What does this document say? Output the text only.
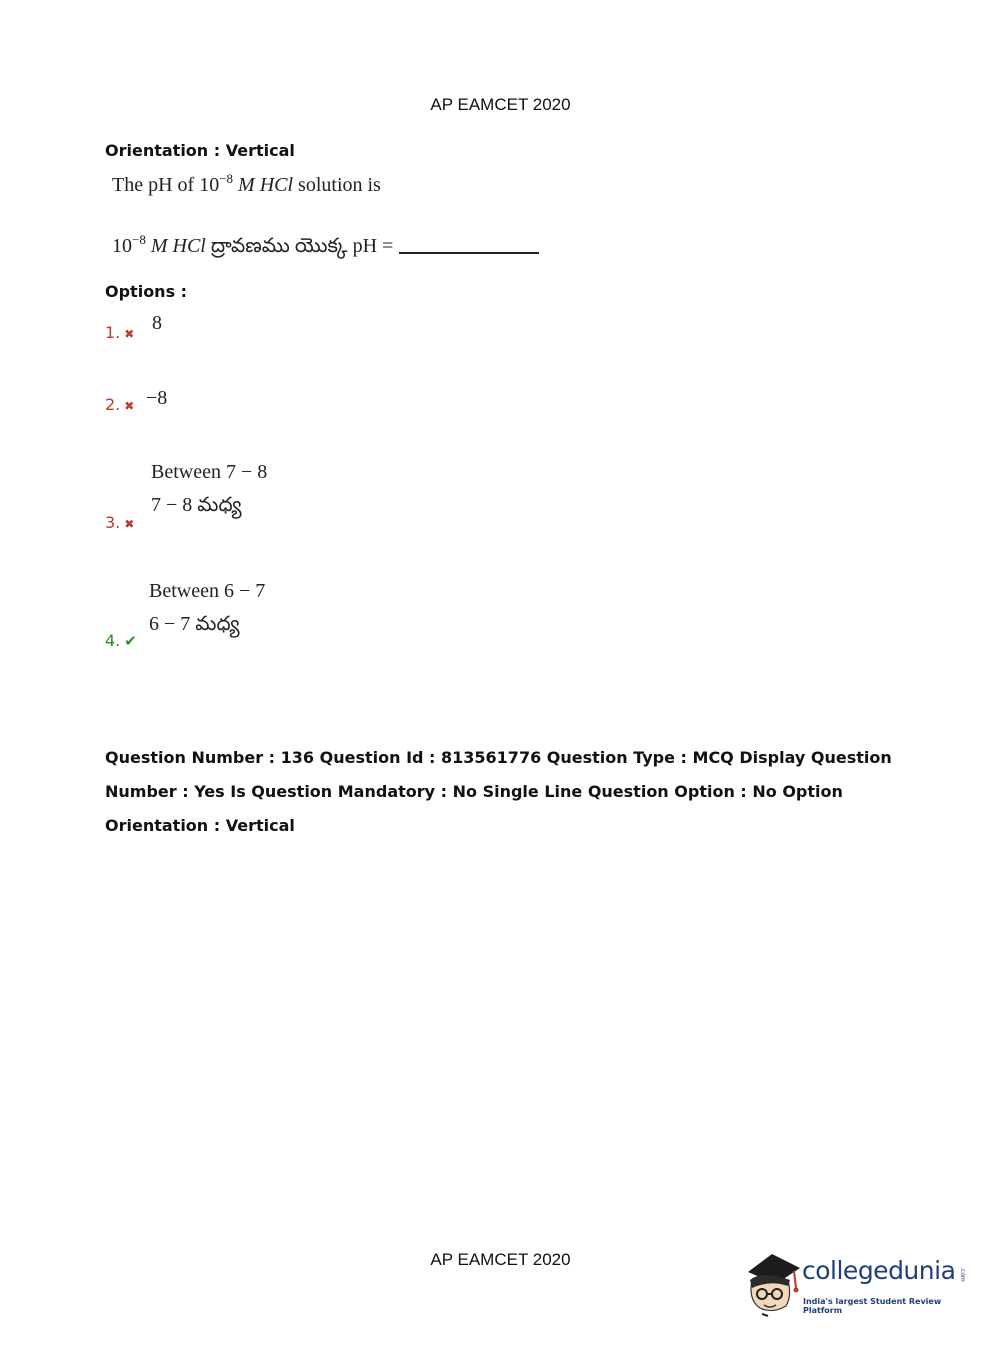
AP EAMCET 2020
Orientation : Vertical
The pH of $10^{-8}$ M HCl solution is
$10^{-8}$ M HCl ద్రావణము యొక్క pH =
Options :
1. ✖ 8
2. ✖ −8
Between 7 − 8
7 − 8 మధ్య
3. ✖
Between 6 − 7
6 − 7 మధ్య
4. ✔
Question Number : 136 Question Id : 813561776 Question Type : MCQ Display Question
Number : Yes Is Question Mandatory : No Single Line Question Option : No Option
Orientation : Vertical
AP EAMCET 2020	collegedunia .com
India's largest Student Review Platform
